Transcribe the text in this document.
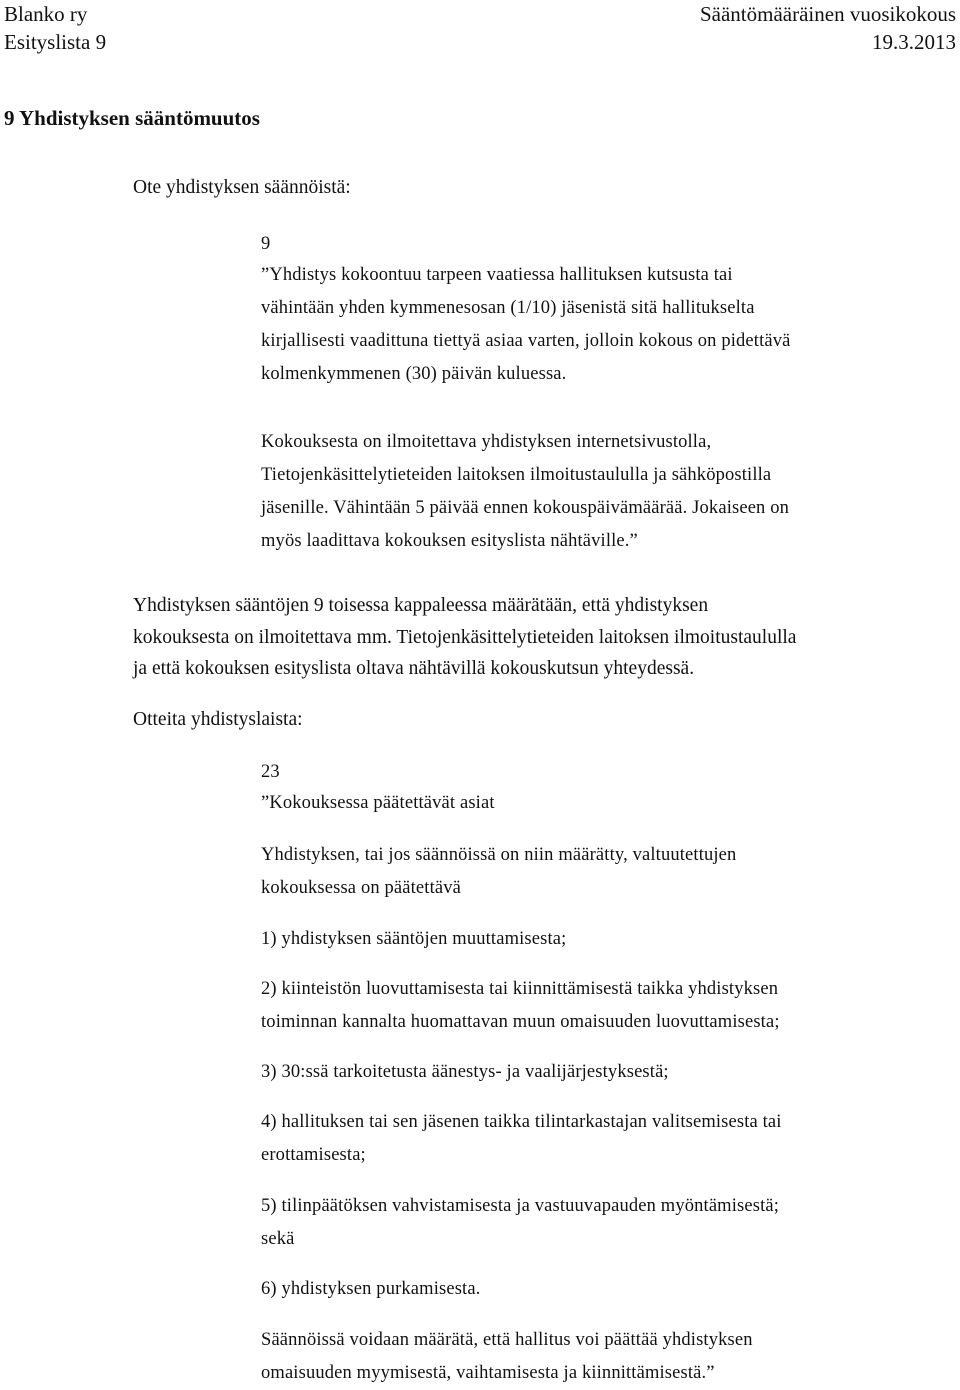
Blanko ry
Esityslista 9
Sääntömääräinen vuosikokous
19.3.2013
9 Yhdistyksen sääntömuutos
Ote yhdistyksen säännöistä:
9
”Yhdistys kokoontuu tarpeen vaatiessa hallituksen kutsusta tai
vähintään yhden kymmenesosan (1/10) jäsenistä sitä hallitukselta
kirjallisesti vaadittuna tiettyä asiaa varten, jolloin kokous on pidettävä
kolmenkymmenen (30) päivän kuluessa.
Kokouksesta on ilmoitettava yhdistyksen internetsivustolla,
Tietojenkäsittelytieteiden laitoksen ilmoitustaululla ja sähköpostilla
jäsenille. Vähintään 5 päivää ennen kokouspäivämäärää. Jokaiseen on
myös laadittava kokouksen esityslista nähtäville.”
Yhdistyksen sääntöjen 9 toisessa kappaleessa määrätään, että yhdistyksen
kokouksesta on ilmoitettava mm. Tietojenkäsittelytieteiden laitoksen ilmoitustaululla
ja että kokouksen esityslista oltava nähtävillä kokouskutsun yhteydessä.
Otteita yhdistyslaista:
23
”Kokouksessa päätettävät asiat
Yhdistyksen, tai jos säännöissä on niin määrätty, valtuutettujen
kokouksessa on päätettävä
1) yhdistyksen sääntöjen muuttamisesta;
2) kiinteistön luovuttamisesta tai kiinnittämisestä taikka yhdistyksen
toiminnan kannalta huomattavan muun omaisuuden luovuttamisesta;
3) 30:ssä tarkoitetusta äänestys- ja vaalijärjestyksestä;
4) hallituksen tai sen jäsenen taikka tilintarkastajan valitsemisesta tai
erottamisesta;
5) tilinpäätöksen vahvistamisesta ja vastuuvapauden myöntämisestä;
sekä
6) yhdistyksen purkamisesta.
Säännöissä voidaan määrätä, että hallitus voi päättää yhdistyksen
omaisuuden myymisestä, vaihtamisesta ja kiinnittämisestä.”
